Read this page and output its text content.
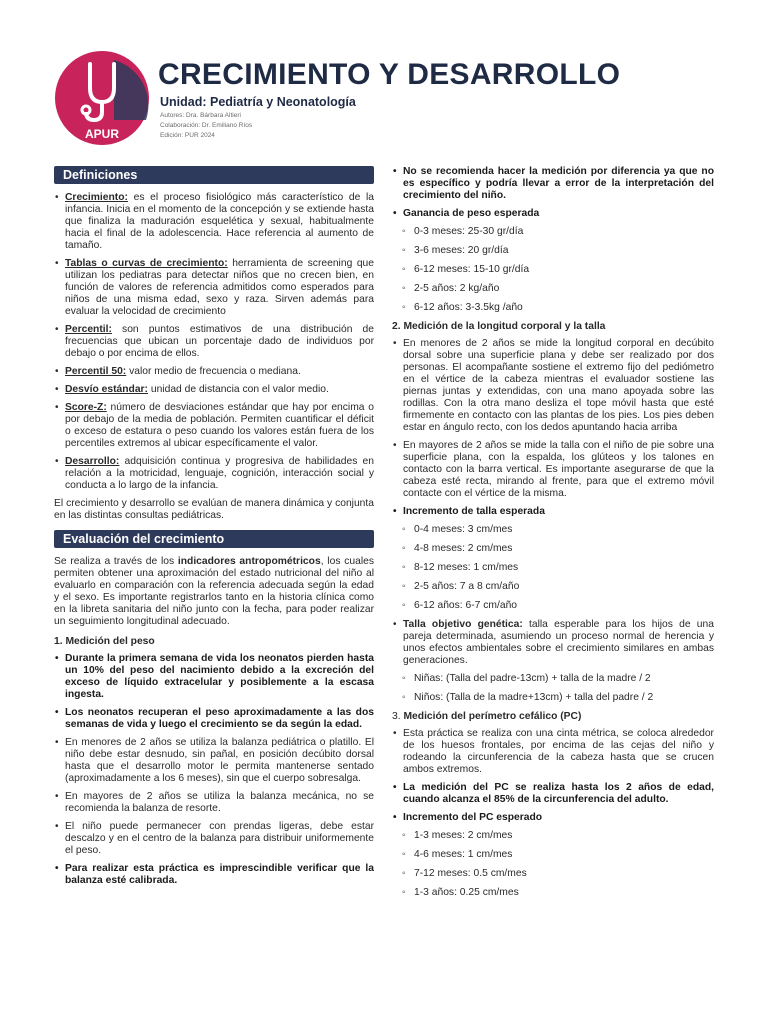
APUR
CRECIMIENTO Y DESARROLLO
Unidad: Pediatría y Neonatología
Autores: Dra. Bárbara Altieri
Colaboración: Dr. Emiliano Ríos
Edición: PUR 2024
Definiciones
• Crecimiento: es el proceso fisiológico más característico de la infancia. Inicia en el momento de la concepción y se extiende hasta que finaliza la maduración esquelética y sexual, habitualmente hacia el final de la adolescencia. Hace referencia al aumento de tamaño.
• Tablas o curvas de crecimiento: herramienta de screening que utilizan los pediatras para detectar niños que no crecen bien, en función de valores de referencia admitidos como esperados para niños de una misma edad, sexo y raza. Sirven además para evaluar la velocidad de crecimiento
• Percentil: son puntos estimativos de una distribución de frecuencias que ubican un porcentaje dado de individuos por debajo o por encima de ellos.
• Percentil 50: valor medio de frecuencia o mediana.
• Desvío estándar: unidad de distancia con el valor medio.
• Score-Z: número de desviaciones estándar que hay por encima o por debajo de la media de población. Permiten cuantificar el déficit o exceso de estatura o peso cuando los valores están fuera de los percentiles extremos al ubicar específicamente el valor.
• Desarrollo: adquisición continua y progresiva de habilidades en relación a la motricidad, lenguaje, cognición, interacción social y conducta a lo largo de la infancia.

El crecimiento y desarrollo se evalúan de manera dinámica y conjunta en las distintas consultas pediátricas.

Evaluación del crecimiento

Se realiza a través de los indicadores antropométricos, los cuales permiten obtener una aproximación del estado nutricional del niño al evaluarlo en comparación con la referencia adecuada según la edad y el sexo. Es importante registrarlos tanto en la historia clínica como en la libreta sanitaria del niño junto con la fecha, para poder realizar un seguimiento longitudinal adecuado.

1. Medición del peso
• Durante la primera semana de vida los neonatos pierden hasta un 10% del peso del nacimiento debido a la excreción del exceso de líquido extracelular y posiblemente a la escasa ingesta.
• Los neonatos recuperan el peso aproximadamente a las dos semanas de vida y luego el crecimiento se da según la edad.
• En menores de 2 años se utiliza la balanza pediátrica o platillo. El niño debe estar desnudo, sin pañal, en posición decúbito dorsal hasta que el desarrollo motor le permita mantenerse sentado (aproximadamente a los 6 meses), sin que el cuerpo sobresalga.
• En mayores de 2 años se utiliza la balanza mecánica, no se recomienda la balanza de resorte.
• El niño puede permanecer con prendas ligeras, debe estar descalzo y en el centro de la balanza para distribuir uniformemente el peso.
• Para realizar esta práctica es imprescindible verificar que la balanza esté calibrada.
• No se recomienda hacer la medición por diferencia ya que no es específico y podría llevar a error de la interpretación del crecimiento del niño.
• Ganancia de peso esperada
◦ 0-3 meses: 25-30 gr/día
◦ 3-6 meses: 20 gr/día
◦ 6-12 meses: 15-10 gr/día
◦ 2-5 años: 2 kg/año
◦ 6-12 años: 3-3.5kg /año
2. Medición de la longitud corporal y la talla
• En menores de 2 años se mide la longitud corporal en decúbito dorsal sobre una superficie plana y debe ser realizado por dos personas. El acompañante sostiene el extremo fijo del pediómetro en el vértice de la cabeza mientras el evaluador sostiene las piernas juntas y extendidas, con una mano apoyada sobre las rodillas. Con la otra mano desliza el tope móvil hasta que esté firmemente en contacto con las plantas de los pies. Los pies deben estar en ángulo recto, con los dedos apuntando hacia arriba
• En mayores de 2 años se mide la talla con el niño de pie sobre una superficie plana, con la espalda, los glúteos y los talones en contacto con la barra vertical. Es importante asegurarse de que la cabeza esté recta, mirando al frente, para que el extremo móvil contacte con el vértice de la misma.
• Incremento de talla esperada
◦ 0-4 meses: 3 cm/mes
◦ 4-8 meses: 2 cm/mes
◦ 8-12 meses: 1 cm/mes
◦ 2-5 años: 7 a 8 cm/año
◦ 6-12 años: 6-7 cm/año
• Talla objetivo genética: talla esperable para los hijos de una pareja determinada, asumiendo un proceso normal de herencia y unos efectos ambientales sobre el crecimiento similares en ambas generaciones.
◦ Niñas: (Talla del padre-13cm) + talla de la madre / 2
◦ Niños: (Talla de la madre+13cm) + talla del padre / 2
3. Medición del perímetro cefálico (PC)
• Esta práctica se realiza con una cinta métrica, se coloca alrededor de los huesos frontales, por encima de las cejas del niño y rodeando la circunferencia de la cabeza hasta que se crucen ambos extremos.
• La medición del PC se realiza hasta los 2 años de edad, cuando alcanza el 85% de la circunferencia del adulto.
• Incremento del PC esperado
◦ 1-3 meses: 2 cm/mes
◦ 4-6 meses: 1 cm/mes
◦ 7-12 meses: 0.5 cm/mes
◦ 1-3 años: 0.25 cm/mes
